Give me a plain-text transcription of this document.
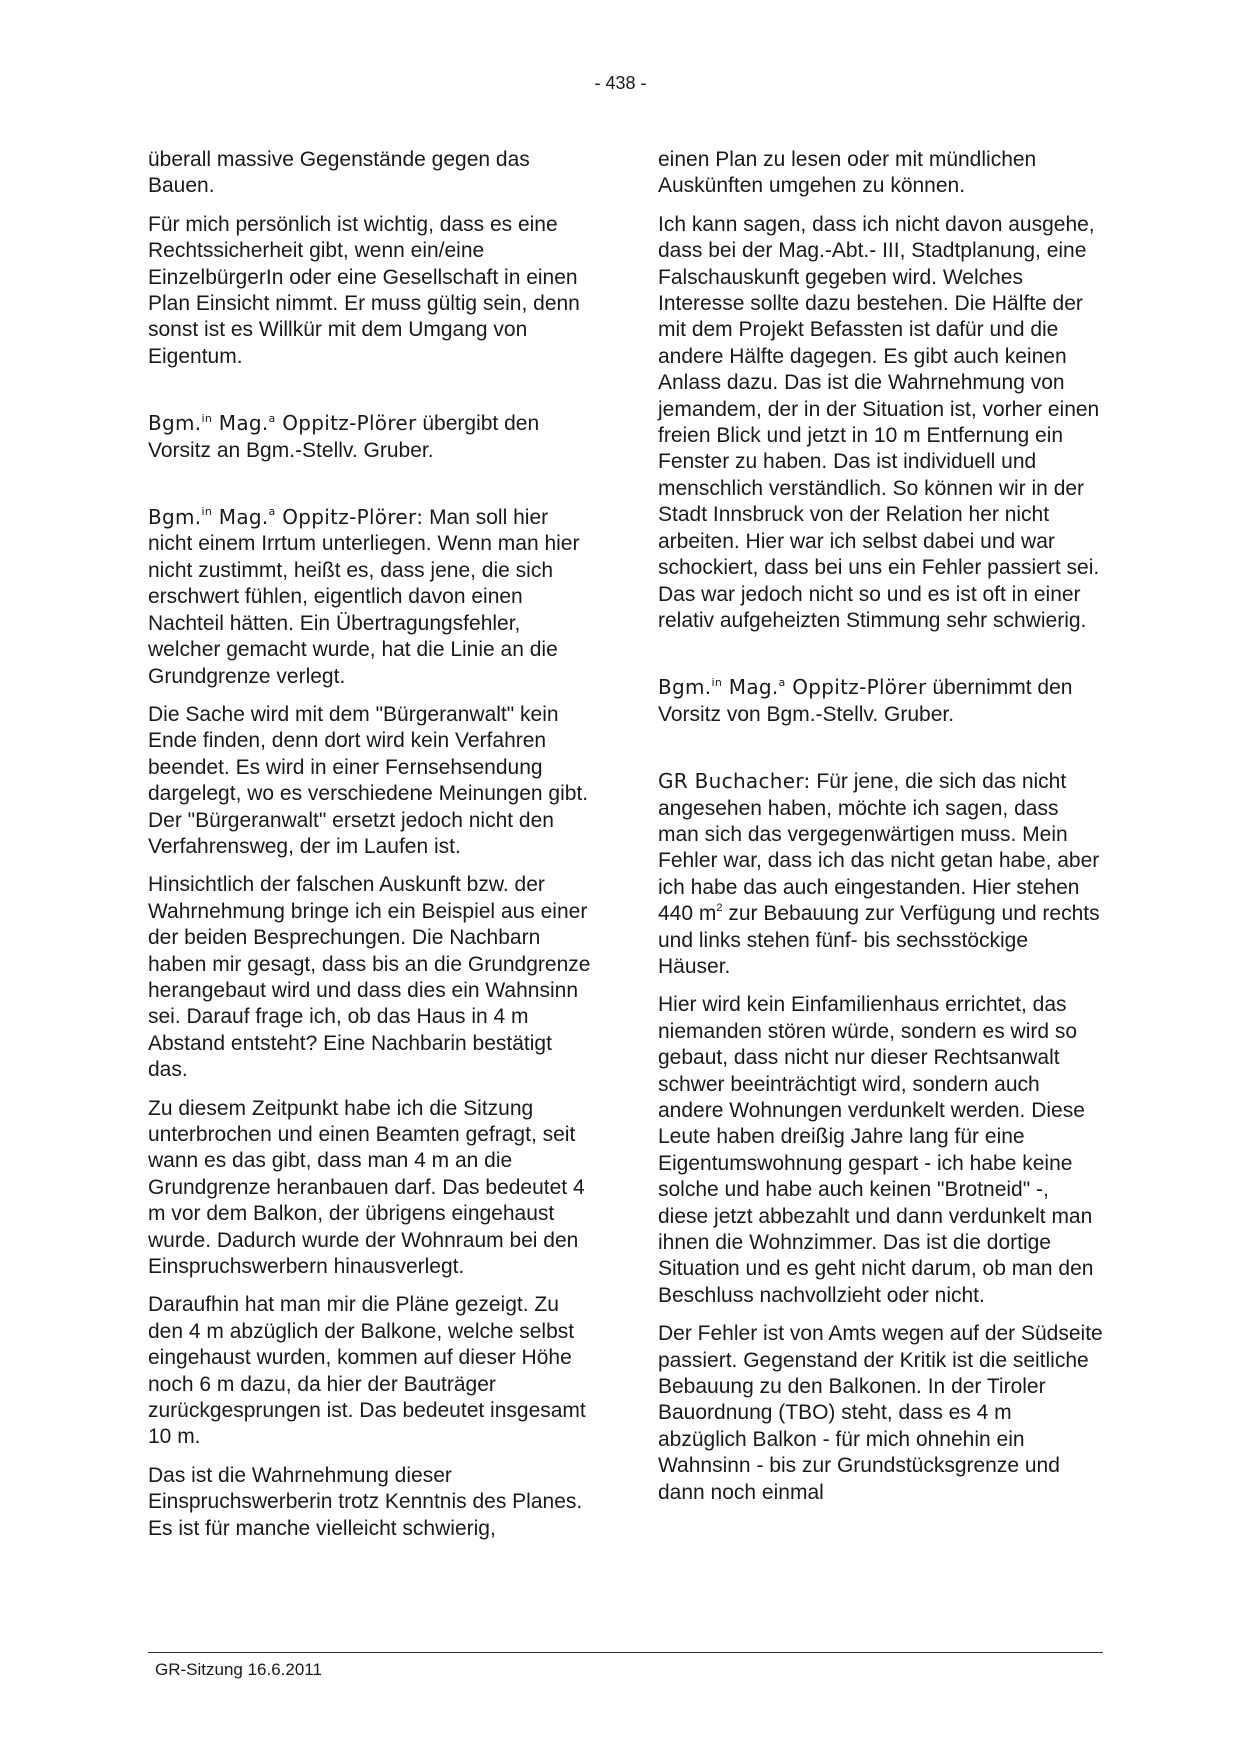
- 438 -

überall massive Gegenstände gegen das Bauen.

Für mich persönlich ist wichtig, dass es eine Rechtssicherheit gibt, wenn ein/eine EinzelbürgerIn oder eine Gesellschaft in einen Plan Einsicht nimmt. Er muss gültig sein, denn sonst ist es Willkür mit dem Umgang von Eigentum.

Bgm.$^{in}$ Mag.$^a$ Oppitz-Plörer übergibt den Vorsitz an Bgm.-Stellv. Gruber.

Bgm.$^{in}$ Mag.$^a$ Oppitz-Plörer: Man soll hier nicht einem Irrtum unterliegen. Wenn man hier nicht zustimmt, heißt es, dass jene, die sich erschwert fühlen, eigentlich davon einen Nachteil hätten. Ein Übertragungsfehler, welcher gemacht wurde, hat die Linie an die Grundgrenze verlegt.

Die Sache wird mit dem "Bürgeranwalt" kein Ende finden, denn dort wird kein Verfahren beendet. Es wird in einer Fernsehsendung dargelegt, wo es verschiedene Meinungen gibt. Der "Bürgeranwalt" ersetzt jedoch nicht den Verfahrensweg, der im Laufen ist.

Hinsichtlich der falschen Auskunft bzw. der Wahrnehmung bringe ich ein Beispiel aus einer der beiden Besprechungen. Die Nachbarn haben mir gesagt, dass bis an die Grundgrenze herangebaut wird und dass dies ein Wahnsinn sei. Darauf frage ich, ob das Haus in 4 m Abstand entsteht? Eine Nachbarin bestätigt das.

Zu diesem Zeitpunkt habe ich die Sitzung unterbrochen und einen Beamten gefragt, seit wann es das gibt, dass man 4 m an die Grundgrenze heranbauen darf. Das bedeutet 4 m vor dem Balkon, der übrigens eingehaust wurde. Dadurch wurde der Wohnraum bei den Einspruchswerbern hinausverlegt.

Daraufhin hat man mir die Pläne gezeigt. Zu den 4 m abzüglich der Balkone, welche selbst eingehaust wurden, kommen auf dieser Höhe noch 6 m dazu, da hier der Bauträger zurückgesprungen ist. Das bedeutet insgesamt 10 m.

Das ist die Wahrnehmung dieser Einspruchswerberin trotz Kenntnis des Planes. Es ist für manche vielleicht schwierig,

einen Plan zu lesen oder mit mündlichen Auskünften umgehen zu können.

Ich kann sagen, dass ich nicht davon ausgehe, dass bei der Mag.-Abt.- III, Stadtplanung, eine Falschauskunft gegeben wird. Welches Interesse sollte dazu bestehen. Die Hälfte der mit dem Projekt Befassten ist dafür und die andere Hälfte dagegen. Es gibt auch keinen Anlass dazu. Das ist die Wahrnehmung von jemandem, der in der Situation ist, vorher einen freien Blick und jetzt in 10 m Entfernung ein Fenster zu haben. Das ist individuell und menschlich verständlich. So können wir in der Stadt Innsbruck von der Relation her nicht arbeiten. Hier war ich selbst dabei und war schockiert, dass bei uns ein Fehler passiert sei. Das war jedoch nicht so und es ist oft in einer relativ aufgeheizten Stimmung sehr schwierig.

Bgm.$^{in}$ Mag.$^a$ Oppitz-Plörer übernimmt den Vorsitz von Bgm.-Stellv. Gruber.

GR Buchacher: Für jene, die sich das nicht angesehen haben, möchte ich sagen, dass man sich das vergegenwärtigen muss. Mein Fehler war, dass ich das nicht getan habe, aber ich habe das auch eingestanden. Hier stehen 440 $m^2$ zur Bebauung zur Verfügung und rechts und links stehen fünf- bis sechsstöckige Häuser.

Hier wird kein Einfamilienhaus errichtet, das niemanden stören würde, sondern es wird so gebaut, dass nicht nur dieser Rechtsanwalt schwer beeinträchtigt wird, sondern auch andere Wohnungen verdunkelt werden. Diese Leute haben dreißig Jahre lang für eine Eigentumswohnung gespart - ich habe keine solche und habe auch keinen "Brotneid" -, diese jetzt abbezahlt und dann verdunkelt man ihnen die Wohnzimmer. Das ist die dortige Situation und es geht nicht darum, ob man den Beschluss nachvollzieht oder nicht.

Der Fehler ist von Amts wegen auf der Südseite passiert. Gegenstand der Kritik ist die seitliche Bebauung zu den Balkonen. In der Tiroler Bauordnung (TBO) steht, dass es 4 m abzüglich Balkon - für mich ohnehin ein Wahnsinn - bis zur Grundstücksgrenze und dann noch einmal

GR-Sitzung 16.6.2011
